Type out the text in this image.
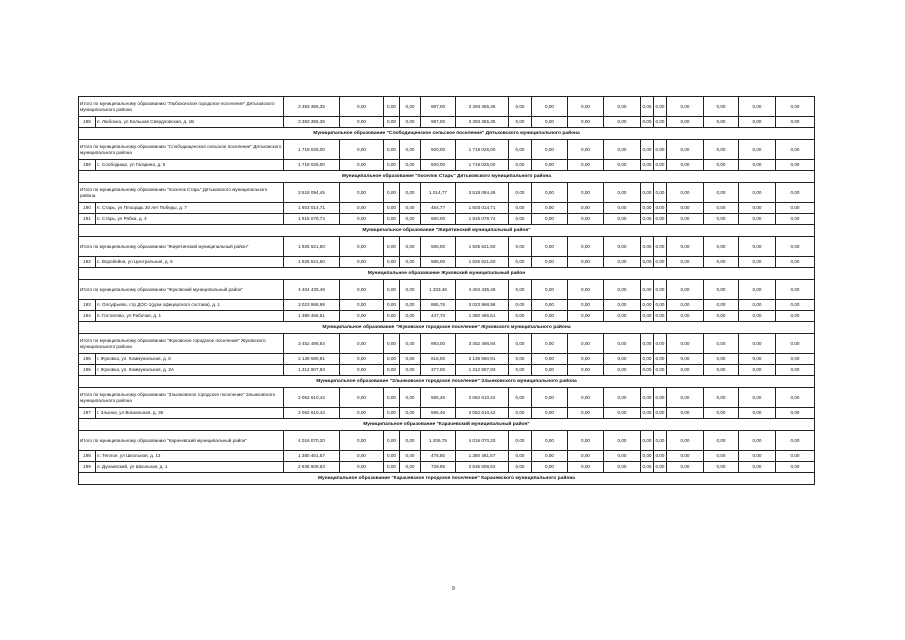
Итого по муниципальному образованию "Любохонское городское поселение" Дятьковского муниципального района		3 393 355,35	0,00	0,00	0,00	987,00	3 393 355,35	0,00	0,00	0,00	0,00	0,00	0,00	0,00	0,00	0,00	0,00
188	п. Любохна, ул Большая Свердловская, д. 1Б	3 393 355,35	0,00	0,00	0,00	987,00	3 393 355,35	0,00	0,00	0,00	0,00	0,00	0,00	0,00	0,00	0,00	0,00
Муниципальное образование "Слободищенское сельское поселение" Дятьковского муниципального района																	
Итого по муниципальному образованию "Слободищенское сельское поселение" Дятьковского муниципального района		1 719 025,00	0,00	0,00	0,00	500,00	1 719 025,00	0,00	0,00	0,00	0,00	0,00	0,00	0,00	0,00	0,00	0,00
189	с. Слободище, ул Гагарина, д. 5	1 719 025,00	0,00	0,00	0,00	500,00	1 719 025,00	0,00	0,00	0,00	0,00	0,00	0,00	0,00	0,00	0,00	0,00
Муниципальное образование "поселок Старь" Дятьковского муниципального района																	
Итого по муниципальному образованию "поселок Старь" Дятьковского муниципального района		3 518 094,45	0,00	0,00	0,00	1 014,77	3 518 094,45	0,00	0,00	0,00	0,00	0,00	0,00	0,00	0,00	0,00	0,00
190	п. Старь, ул Площадь 30 лет Победы, д. 7	1 603 014,71	0,00	0,00	0,00	454,77	1 603 014,71	0,00	0,00	0,00	0,00	0,00	0,00	0,00	0,00	0,00	0,00
191	п. Старь, ул Рябка, д. 4	1 915 079,74	0,00	0,00	0,00	560,00	1 915 079,74	0,00	0,00	0,00	0,00	0,00	0,00	0,00	0,00	0,00	0,00
Муниципальное образование "Жирятинский муниципальный район"																	
Итого по муниципальному образованию "Жирятинский муниципальный район"		1 925 621,50	0,00	0,00	0,00	586,00	1 925 621,50	0,00	0,00	0,00	0,00	0,00	0,00	0,00	0,00	0,00	0,00
192	с. Воробейня, ул Центральная, д. 6	1 925 621,50	0,00	0,00	0,00	586,00	1 925 621,50	0,00	0,00	0,00	0,00	0,00	0,00	0,00	0,00	0,00	0,00
Муниципальное образование Жуковский муниципальный район																	
Итого по муниципальному образованию "Жуковский муниципальный район"		4 404 435,49	0,00	0,00	0,00	1 333,46	4 404 435,49	0,00	0,00	0,00	0,00	0,00	0,00	0,00	0,00	0,00	0,00
193	п. Олсуфьево, стр ДОС-1(дом офицерского состава), д. 1	3 023 968,98	0,00	0,00	0,00	885,76	3 023 968,98	0,00	0,00	0,00	0,00	0,00	0,00	0,00	0,00	0,00	0,00
194	п. Гостилово, ул Рабочая, д. 1	1 380 466,51	0,00	0,00	0,00	447,70	1 380 466,51	0,00	0,00	0,00	0,00	0,00	0,00	0,00	0,00	0,00	0,00
Муниципальное образование "Жуковское городское поселение" Жуковского муниципального района																	
Итого по муниципальному образованию "Жуковское городское поселение" Жуковского муниципального района		3 452 498,84	0,00	0,00	0,00	993,00	3 452 498,84	0,00	0,00	0,00	0,00	0,00	0,00	0,00	0,00	0,00	0,00
195	г. Жуковка, ул. Коммунальная, д. 6	2 139 590,91	0,00	0,00	0,00	616,00	2 139 590,91	0,00	0,00	0,00	0,00	0,00	0,00	0,00	0,00	0,00	0,00
196	г. Жуковка, ул. Коммунальная, д. 3А	1 312 907,93	0,00	0,00	0,00	377,00	1 312 907,93	0,00	0,00	0,00	0,00	0,00	0,00	0,00	0,00	0,00	0,00
Муниципальное образование "Злынковское городское поселение" Злынковского муниципального района																	
Итого по муниципальному образованию "Злынковское городское поселение" Злынковского муниципального района		2 062 610,42	0,00	0,00	0,00	595,46	2 062 610,42	0,00	0,00	0,00	0,00	0,00	0,00	0,00	0,00	0,00	0,00
197	г. Злынка, ул Вокзальная, д. 36	2 062 610,42	0,00	0,00	0,00	595,46	2 062 610,42	0,00	0,00	0,00	0,00	0,00	0,00	0,00	0,00	0,00	0,00
Муниципальное образование "Карачевский муниципальный район"																	
Итого по муниципальному образованию "Карачевский муниципальный район"		4 016 070,20	0,00	0,00	0,00	1 206,75	4 016 070,20	0,00	0,00	0,00	0,00	0,00	0,00	0,00	0,00	0,00	0,00
198	п. Теплое, ул Школьная, д. 13	1 380 461,57	0,00	0,00	0,00	476,80	1 380 461,57	0,00	0,00	0,00	0,00	0,00	0,00	0,00	0,00	0,00	0,00
199	п. Дунаевский, ул Школьная, д. 1	2 635 608,63	0,00	0,00	0,00	729,95	2 635 608,63	0,00	0,00	0,00	0,00	0,00	0,00	0,00	0,00	0,00	0,00
Муниципальное образование "Карачевское городское поселение" Карачевского муниципального района																	
9
